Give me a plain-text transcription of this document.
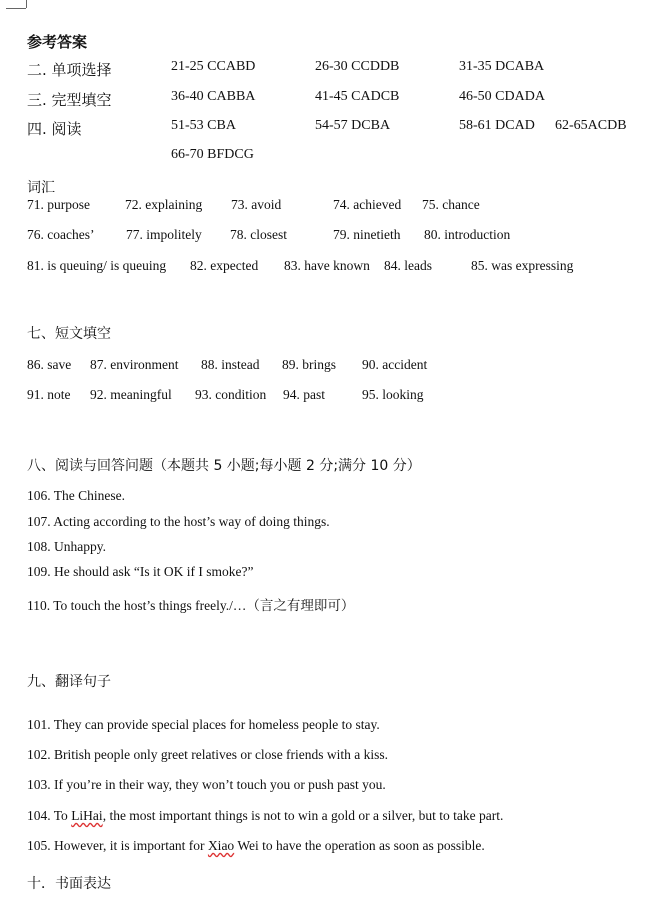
参考答案
二. 单项选择	21-25 CCABD	26-30 CCDDB	31-35 DCABA
三. 完型填空	36-40 CABBA	41-45 CADCB	46-50 CDADA
四. 阅读	51-53 CBA	54-57 DCBA	58-61 DCAD 62-65ACDB
66-70 BFDCG
词汇
71. purpose	72. explaining 73. avoid	74. achieved 75. chance
76. coaches’ 77. impolitely 78. closest	79. ninetieth 80. introduction
81. is queuing/ is queuing 82. expected 83. have known 84. leads	85. was expressing
七、短文填空
86. save 87. environment 88. instead 89. brings 90. accident
91. note 92. meaningful 93. condition 94. past	95. looking
八、阅读与回答问题（本题共 5 小题;每小题 2 分;满分 10 分）
106. The Chinese.
107. Acting according to the host’s way of doing things.
108. Unhappy.
109. He should ask “Is it OK if I smoke?”
110. To touch the host’s things freely./…（言之有理即可）
九、翻译句子
101. They can provide special places for homeless people to stay.
102. British people only greet relatives or close friends with a kiss.
103. If you’re in their way, they won’t touch you or push past you.
104. To LiHai, the most important things is not to win a gold or a silver, but to take part.
105. However, it is important for Xiao Wei to have the operation as soon as possible.
十．书面表达
